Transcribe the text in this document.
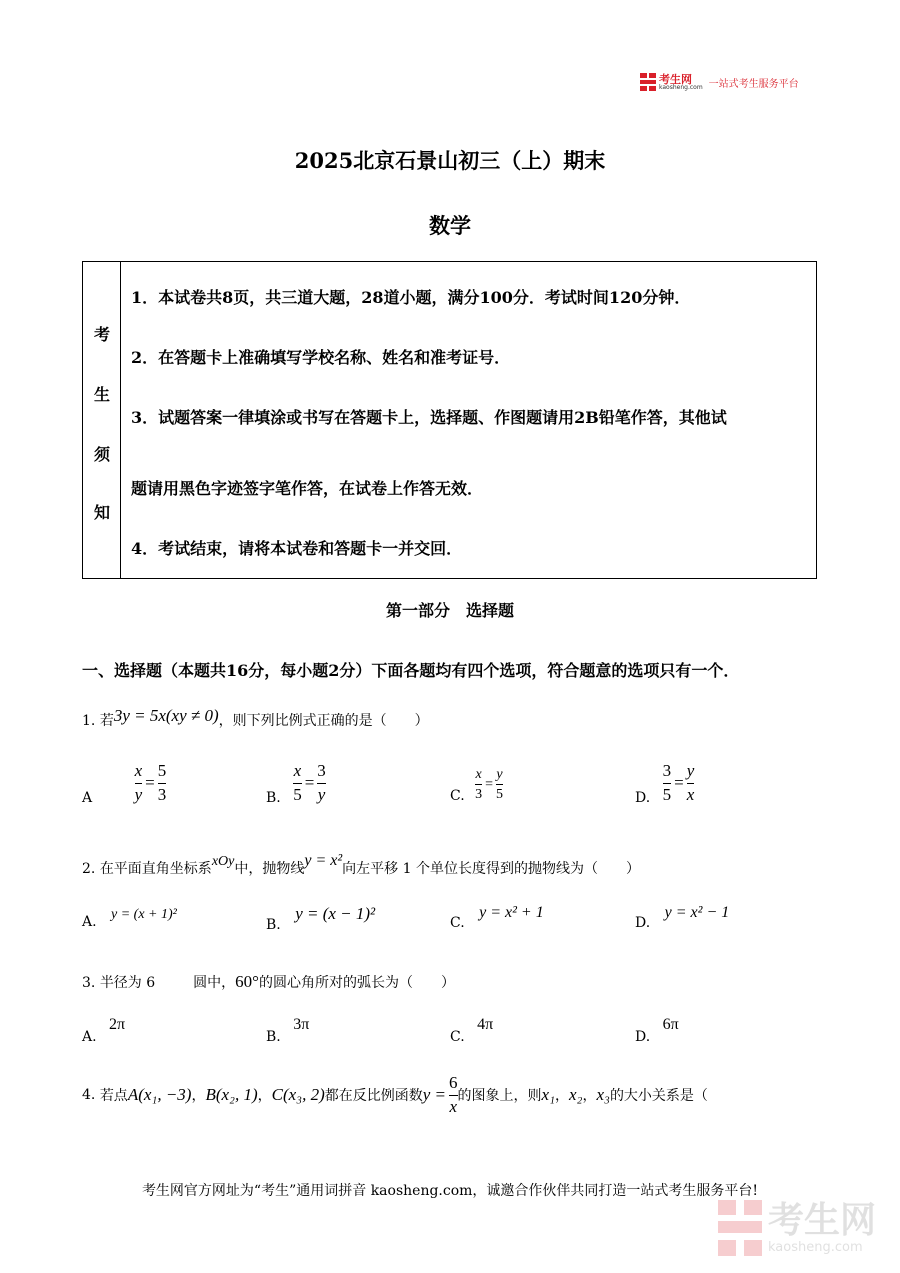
考生网
kaosheng.com 一站式考生服务平台
2025北京石景山初三（上）期末
数学
考
生
须
知
1．本试卷共8页，共三道大题，28道小题，满分100分．考试时间120分钟．
2．在答题卡上准确填写学校名称、姓名和准考证号．
3．试题答案一律填涂或书写在答题卡上，选择题、作图题请用2B铅笔作答，其他试
题请用黑色字迹签字笔作答，在试卷上作答无效．
4．考试结束，请将本试卷和答题卡一并交回．
第一部分　选择题
一、选择题（本题共16分，每小题2分）下面各题均有四个选项，符合题意的选项只有一个．
1. 若3y = 5x(xy ≠ 0)，则下列比例式正确的是（　　）
A $\frac{x}{y} = \frac{5}{3}$	B. $\frac{x}{5} = \frac{3}{y}$	C. $\frac{x}{3} = \frac{y}{5}$	D. $\frac{3}{5} = \frac{y}{x}$
2. 在平面直角坐标系xOy中，抛物线y = x²向左平移 1 个单位长度得到的抛物线为（　　）
A. y = (x + 1)²
B. y = (x − 1)²	C. y = x² + 1
D. y = x² − 1
3. 半径为 6	圆中，60°的圆心角所对的弧长为（　　）
A. 2π
B. 3π
C. 4π
D. 6π
4.
若点 A(x₁, −3) ， B(x₂, 1) ， C(x₃, 2) 都在反比例函数 $y = \frac{6}{x}$ 的图象上，则 x₁ ， x₂ ， x₃ 的大小关系是（
考生网官方网址为“考生”通用词拼音 kaosheng.com，诚邀合作伙伴共同打造一站式考生服务平台!
考生网
kaosheng.com
